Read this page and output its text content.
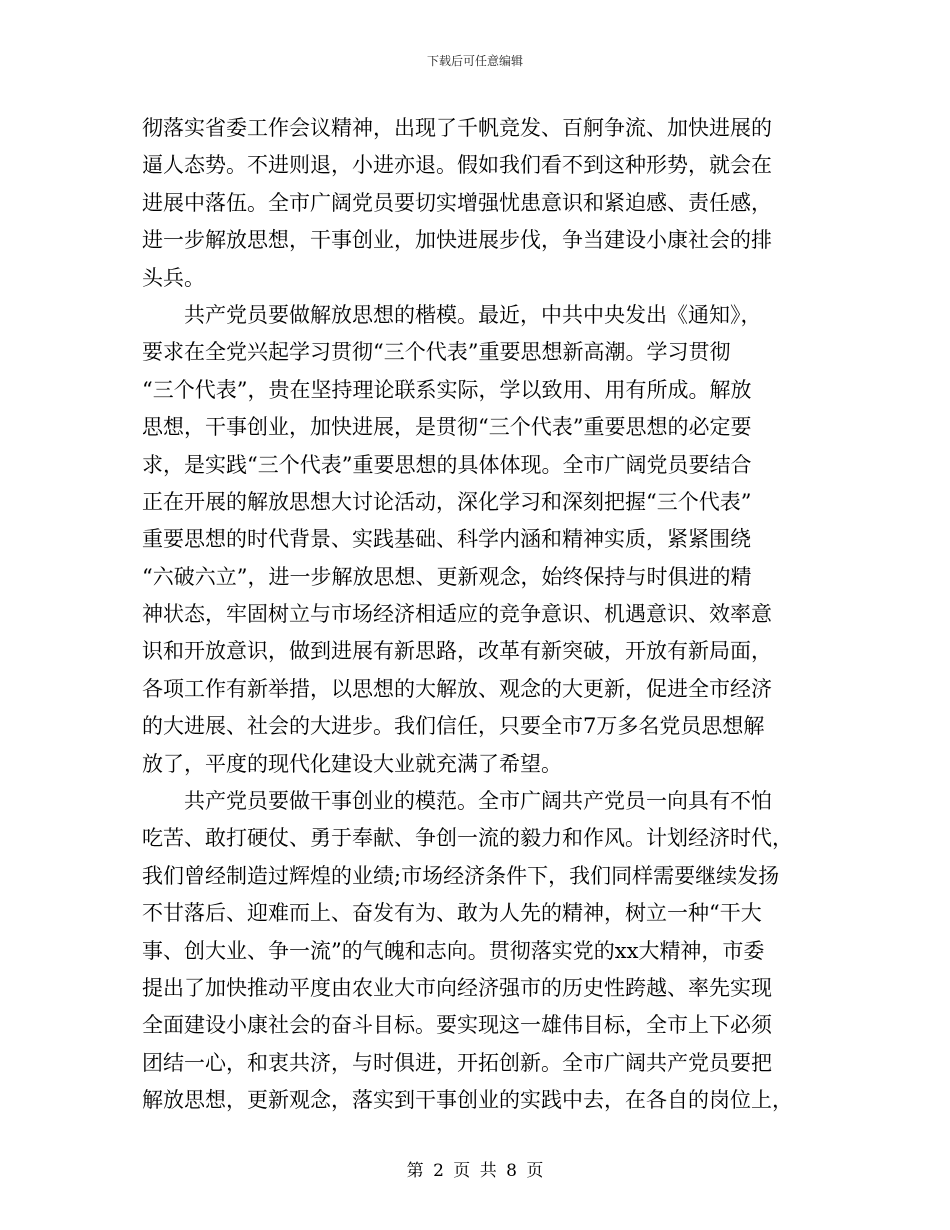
下载后可任意编辑
彻落实省委工作会议精神，出现了千帆竞发、百舸争流、加快进展的
逼人态势。不进则退，小进亦退。假如我们看不到这种形势，就会在
进展中落伍。全市广阔党员要切实增强忧患意识和紧迫感、责任感，
进一步解放思想，干事创业，加快进展步伐，争当建设小康社会的排
头兵。
　　共产党员要做解放思想的楷模。最近，中共中央发出《通知》，
要求在全党兴起学习贯彻“三个代表”重要思想新高潮。学习贯彻
“三个代表”，贵在坚持理论联系实际，学以致用、用有所成。解放
思想，干事创业，加快进展，是贯彻“三个代表”重要思想的必定要
求，是实践“三个代表”重要思想的具体体现。全市广阔党员要结合
正在开展的解放思想大讨论活动，深化学习和深刻把握“三个代表”
重要思想的时代背景、实践基础、科学内涵和精神实质，紧紧围绕
“六破六立”，进一步解放思想、更新观念，始终保持与时俱进的精
神状态，牢固树立与市场经济相适应的竞争意识、机遇意识、效率意
识和开放意识，做到进展有新思路，改革有新突破，开放有新局面，
各项工作有新举措，以思想的大解放、观念的大更新，促进全市经济
的大进展、社会的大进步。我们信任，只要全市7万多名党员思想解
放了，平度的现代化建设大业就充满了希望。
　　共产党员要做干事创业的模范。全市广阔共产党员一向具有不怕
吃苦、敢打硬仗、勇于奉献、争创一流的毅力和作风。计划经济时代，
我们曾经制造过辉煌的业绩;市场经济条件下，我们同样需要继续发扬
不甘落后、迎难而上、奋发有为、敢为人先的精神，树立一种“干大
事、创大业、争一流”的气魄和志向。贯彻落实党的xx大精神，市委
提出了加快推动平度由农业大市向经济强市的历史性跨越、率先实现
全面建设小康社会的奋斗目标。要实现这一雄伟目标，全市上下必须
团结一心，和衷共济，与时俱进，开拓创新。全市广阔共产党员要把
解放思想，更新观念，落实到干事创业的实践中去，在各自的岗位上，
第 2 页 共 8 页
